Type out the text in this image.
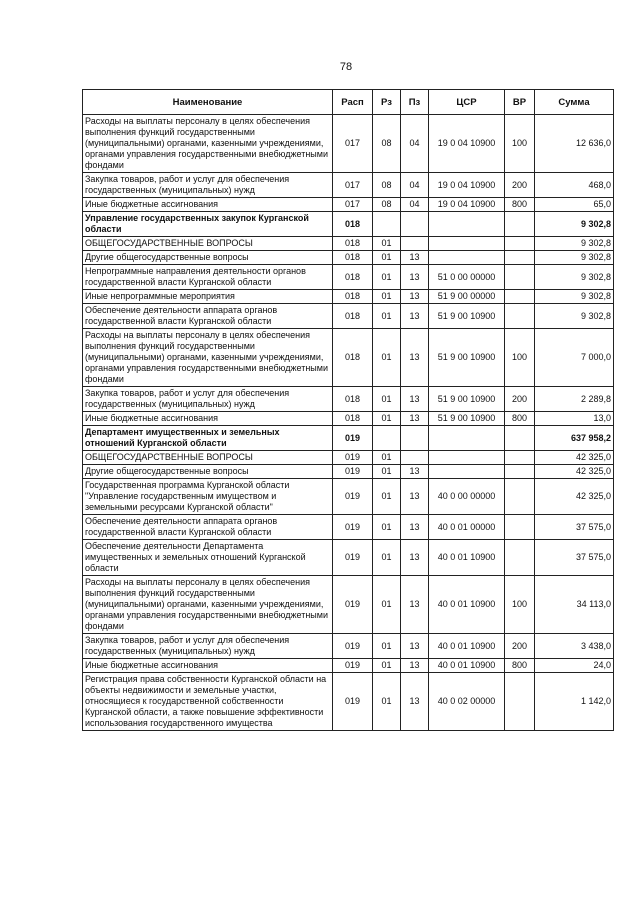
78
Наименование	Расп	Рз	Пз	ЦСР	ВР	Сумма
Расходы на выплаты персоналу в целях обеспечения выполнения функций государственными (муниципальными) органами, казенными учреждениями, органами управления государственными внебюджетными фондами	017	08	04	19 0 04 10900	100	12 636,0
Закупка товаров, работ и услуг для обеспечения государственных (муниципальных) нужд	017	08	04	19 0 04 10900	200	468,0
Иные бюджетные ассигнования	017	08	04	19 0 04 10900	800	65,0
Управление государственных закупок Курганской области	018					9 302,8
ОБЩЕГОСУДАРСТВЕННЫЕ ВОПРОСЫ	018	01				9 302,8
Другие общегосударственные вопросы	018	01	13			9 302,8
Непрограммные направления деятельности органов государственной власти Курганской области	018	01	13	51 0 00 00000		9 302,8
Иные непрограммные мероприятия	018	01	13	51 9 00 00000		9 302,8
Обеспечение деятельности аппарата органов государственной власти Курганской области	018	01	13	51 9 00 10900		9 302,8
Расходы на выплаты персоналу в целях обеспечения выполнения функций государственными (муниципальными) органами, казенными учреждениями, органами управления государственными внебюджетными фондами	018	01	13	51 9 00 10900	100	7 000,0
Закупка товаров, работ и услуг для обеспечения государственных (муниципальных) нужд	018	01	13	51 9 00 10900	200	2 289,8
Иные бюджетные ассигнования	018	01	13	51 9 00 10900	800	13,0
Департамент имущественных и земельных отношений Курганской области	019					637 958,2
ОБЩЕГОСУДАРСТВЕННЫЕ ВОПРОСЫ	019	01				42 325,0
Другие общегосударственные вопросы	019	01	13			42 325,0
Государственная программа Курганской области "Управление государственным имуществом и земельными ресурсами Курганской области"	019	01	13	40 0 00 00000		42 325,0
Обеспечение деятельности аппарата органов государственной власти Курганской области	019	01	13	40 0 01 00000		37 575,0
Обеспечение деятельности Департамента имущественных и земельных отношений Курганской области	019	01	13	40 0 01 10900		37 575,0
Расходы на выплаты персоналу в целях обеспечения выполнения функций государственными (муниципальными) органами, казенными учреждениями, органами управления государственными внебюджетными фондами	019	01	13	40 0 01 10900	100	34 113,0
Закупка товаров, работ и услуг для обеспечения государственных (муниципальных) нужд	019	01	13	40 0 01 10900	200	3 438,0
Иные бюджетные ассигнования	019	01	13	40 0 01 10900	800	24,0
Регистрация права собственности Курганской области на объекты недвижимости и земельные участки, относящиеся к государственной собственности Курганской области, а также повышение эффективности использования государственного имущества	019	01	13	40 0 02 00000		1 142,0
